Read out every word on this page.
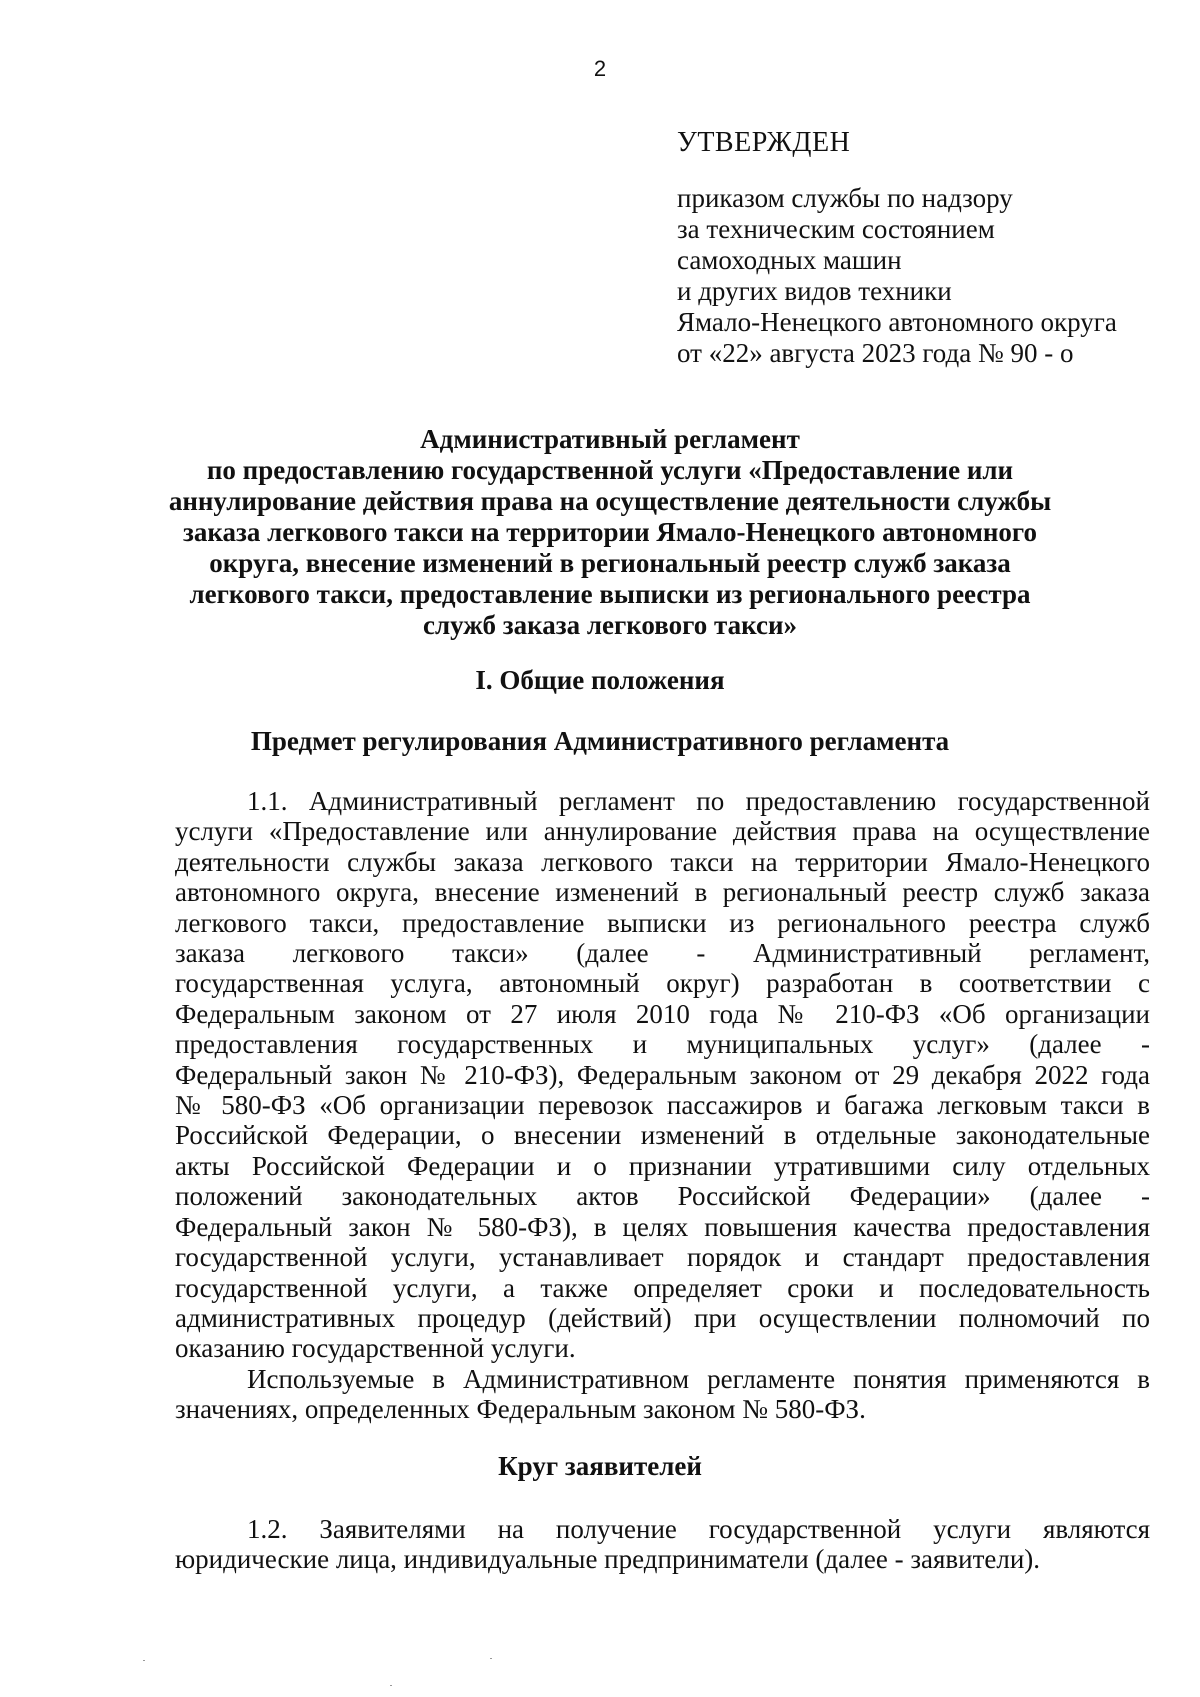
2
УТВЕРЖДЕН
приказом службы по надзору
за техническим состоянием
самоходных машин
и других видов техники
Ямало-Ненецкого автономного округа
от «22» августа 2023 года № 90 - о
Административный регламент
по предоставлению государственной услуги «Предоставление или
аннулирование действия права на осуществление деятельности службы
заказа легкового такси на территории Ямало-Ненецкого автономного
округа, внесение изменений в региональный реестр служб заказа
легкового такси, предоставление выписки из регионального реестра
служб заказа легкового такси»
I. Общие положения
Предмет регулирования Административного регламента
1.1. Административный регламент по предоставлению государственной
услуги «Предоставление или аннулирование действия права на осуществление
деятельности службы заказа легкового такси на территории Ямало-Ненецкого
автономного округа, внесение изменений в региональный реестр служб заказа
легкового такси, предоставление выписки из регионального реестра служб
заказа легкового такси» (далее - Административный регламент,
государственная услуга, автономный округ) разработан в соответствии с
Федеральным законом от 27 июля 2010 года № 210-ФЗ «Об организации
предоставления государственных и муниципальных услуг» (далее -
Федеральный закон № 210-ФЗ), Федеральным законом от 29 декабря 2022 года
№ 580-ФЗ «Об организации перевозок пассажиров и багажа легковым такси в
Российской Федерации, о внесении изменений в отдельные законодательные
акты Российской Федерации и о признании утратившими силу отдельных
положений законодательных актов Российской Федерации» (далее -
Федеральный закон № 580-ФЗ), в целях повышения качества предоставления
государственной услуги, устанавливает порядок и стандарт предоставления
государственной услуги, а также определяет сроки и последовательность
административных процедур (действий) при осуществлении полномочий по
оказанию государственной услуги.
Используемые в Административном регламенте понятия применяются в
значениях, определенных Федеральным законом № 580-ФЗ.
Круг заявителей
1.2. Заявителями на получение государственной услуги являются
юридические лица, индивидуальные предприниматели (далее - заявители).
